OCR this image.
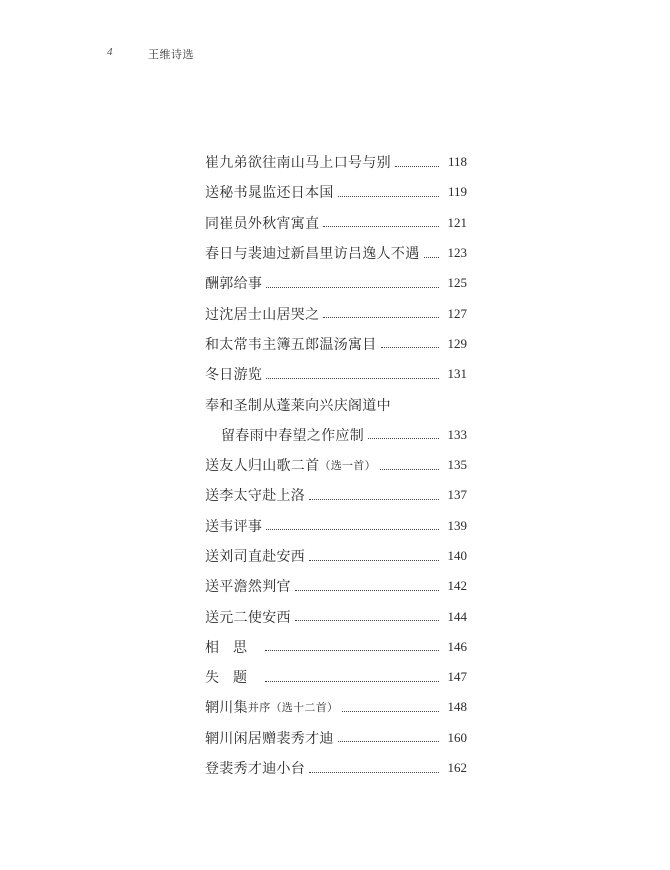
4	王维诗选
崔九弟欲往南山马上口号与别	118
送秘书晁监还日本国	119
同崔员外秋宵寓直	121
春日与裴迪过新昌里访吕逸人不遇	123
酬郭给事	125
过沈居士山居哭之	127
和太常韦主簿五郎温汤寓目	129
冬日游览	131
奉和圣制从蓬莱向兴庆阁道中
留春雨中春望之作应制	133
送友人归山歌二首 （选一首）	135
送李太守赴上洛	137
送韦评事	139
送刘司直赴安西	140
送平澹然判官	142
送元二使安西	144
相思	146
失题	147
辋川集 并序（选十二首）	148
辋川闲居赠裴秀才迪	160
登裴秀才迪小台	162
